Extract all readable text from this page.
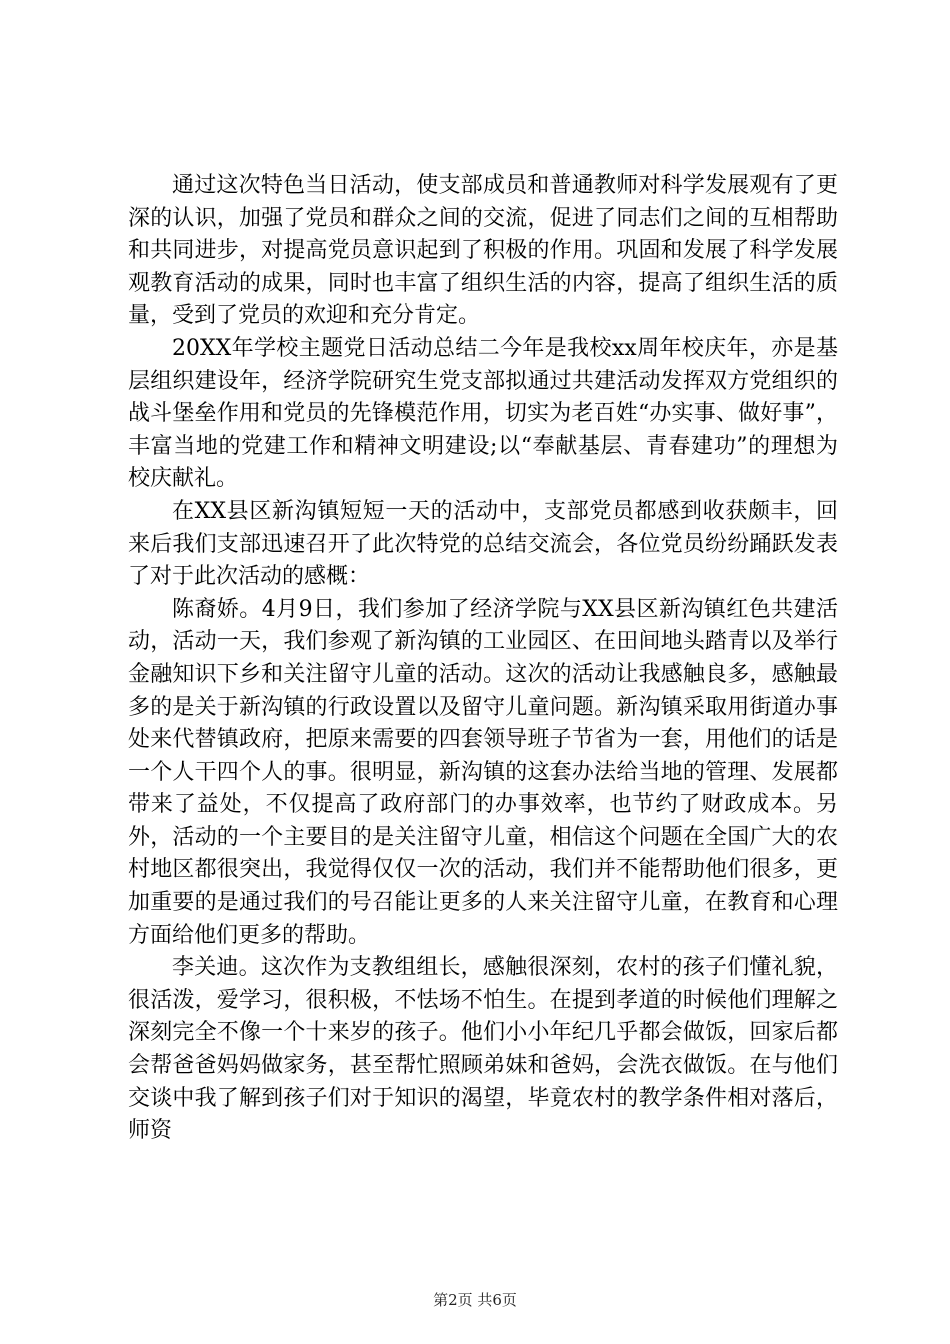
通过这次特色当日活动，使支部成员和普通教师对科学发展观有了更深的认识，加强了党员和群众之间的交流，促进了同志们之间的互相帮助和共同进步，对提高党员意识起到了积极的作用。巩固和发展了科学发展观教育活动的成果，同时也丰富了组织生活的内容，提高了组织生活的质量，受到了党员的欢迎和充分肯定。

20XX年学校主题党日活动总结二今年是我校xx周年校庆年，亦是基层组织建设年，经济学院研究生党支部拟通过共建活动发挥双方党组织的战斗堡垒作用和党员的先锋模范作用，切实为老百姓“办实事、做好事”，丰富当地的党建工作和精神文明建设;以“奉献基层、青春建功”的理想为校庆献礼。

在XX县区新沟镇短短一天的活动中，支部党员都感到收获颇丰，回来后我们支部迅速召开了此次特党的总结交流会，各位党员纷纷踊跃发表了对于此次活动的感概：

陈裔娇。4月9日，我们参加了经济学院与XX县区新沟镇红色共建活动，活动一天，我们参观了新沟镇的工业园区、在田间地头踏青以及举行金融知识下乡和关注留守儿童的活动。这次的活动让我感触良多，感触最多的是关于新沟镇的行政设置以及留守儿童问题。新沟镇采取用街道办事处来代替镇政府，把原来需要的四套领导班子节省为一套，用他们的话是一个人干四个人的事。很明显，新沟镇的这套办法给当地的管理、发展都带来了益处，不仅提高了政府部门的办事效率，也节约了财政成本。另外，活动的一个主要目的是关注留守儿童，相信这个问题在全国广大的农村地区都很突出，我觉得仅仅一次的活动，我们并不能帮助他们很多，更加重要的是通过我们的号召能让更多的人来关注留守儿童，在教育和心理方面给他们更多的帮助。

李关迪。这次作为支教组组长，感触很深刻，农村的孩子们懂礼貌，很活泼，爱学习，很积极，不怯场不怕生。在提到孝道的时候他们理解之深刻完全不像一个十来岁的孩子。他们小小年纪几乎都会做饭，回家后都会帮爸爸妈妈做家务，甚至帮忙照顾弟妹和爸妈，会洗衣做饭。在与他们交谈中我了解到孩子们对于知识的渴望，毕竟农村的教学条件相对落后，师资

第2页 共6页
